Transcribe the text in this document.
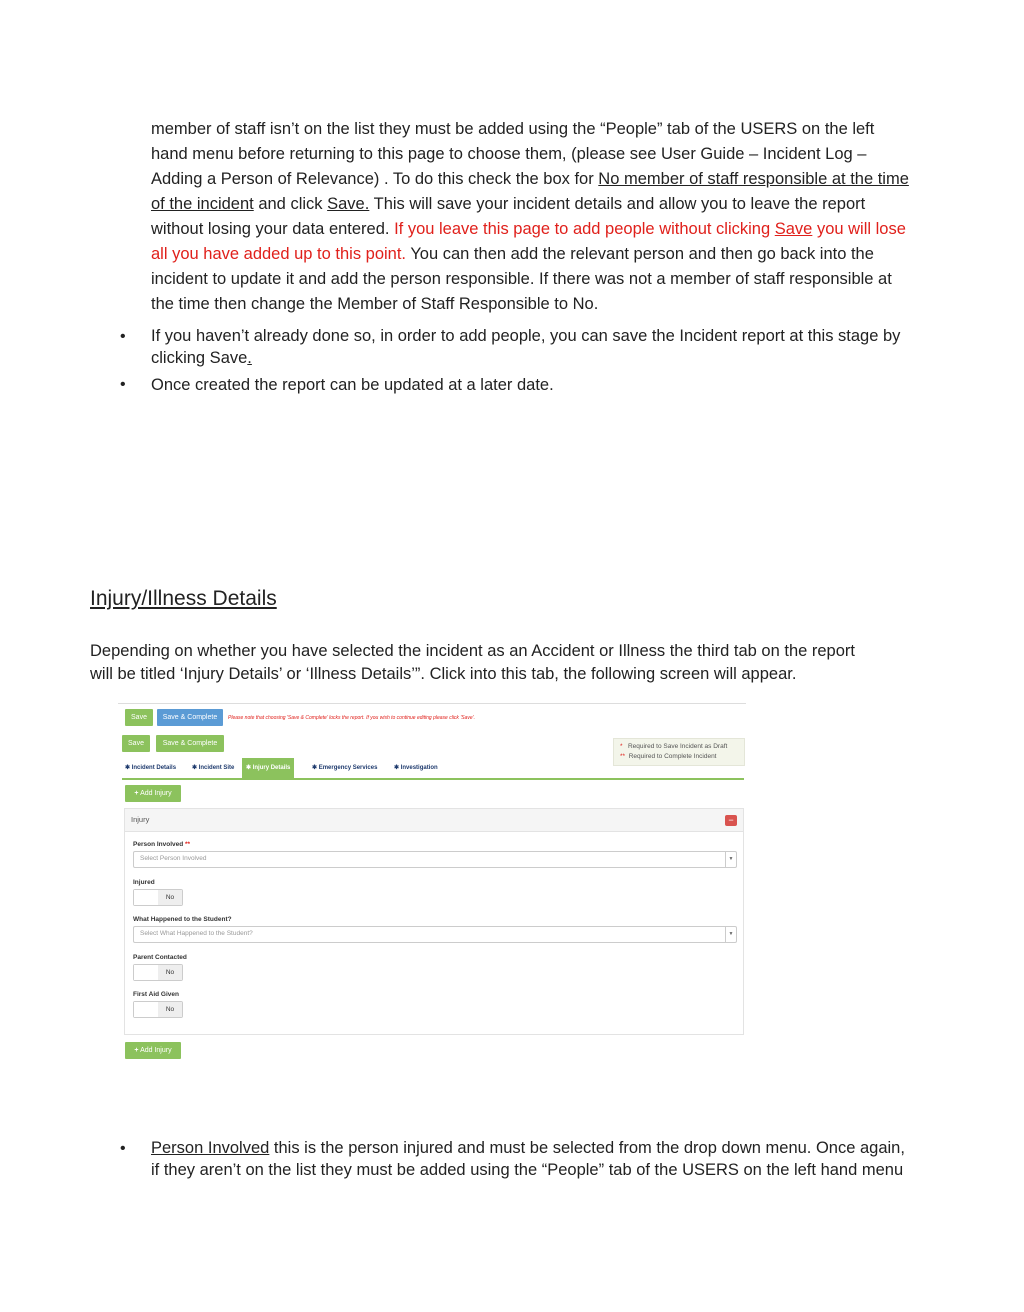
member of staff isn’t on the list they must be added using the “People” tab of the USERS on the left
hand menu before returning to this page to choose them, (please see User Guide – Incident Log –
Adding a Person of Relevance) . To do this check the box for No member of staff responsible at the time
of the incident and click Save. This will save your incident details and allow you to leave the report
without losing your data entered. If you leave this page to add people without clicking Save you will lose
all you have added up to this point. You can then add the relevant person and then go back into the
incident to update it and add the person responsible. If there was not a member of staff responsible at
the time then change the Member of Staff Responsible to No.
• If you haven’t already done so, in order to add people, you can save the Incident report at this stage by
clicking Save.
• Once created the report can be updated at a later date.
Injury/Illness Details
Depending on whether you have selected the incident as an Accident or Illness the third tab on the report
will be titled ‘Injury Details’ or ‘Illness Details’”. Click into this tab, the following screen will appear.
Save	Save & Complete	Please note that choosing 'Save & Complete' locks the report. If you wish to continue editing please click 'Save'.
Save	Save & Complete	* Required to Save Incident as Draft
** Required to Complete Incident
✱ Incident Details	✱ Incident Site	✱ Injury Details	✱ Emergency Services	✱ Investigation
+ Add Injury
Injury	−
Person Involved **
Select Person Involved	▼
Injured
No
What Happened to the Student?
Select What Happened to the Student?	▼
Parent Contacted
No
First Aid Given
No
+ Add Injury
• Person Involved this is the person injured and must be selected from the drop down menu. Once again,
if they aren’t on the list they must be added using the “People” tab of the USERS on the left hand menu
